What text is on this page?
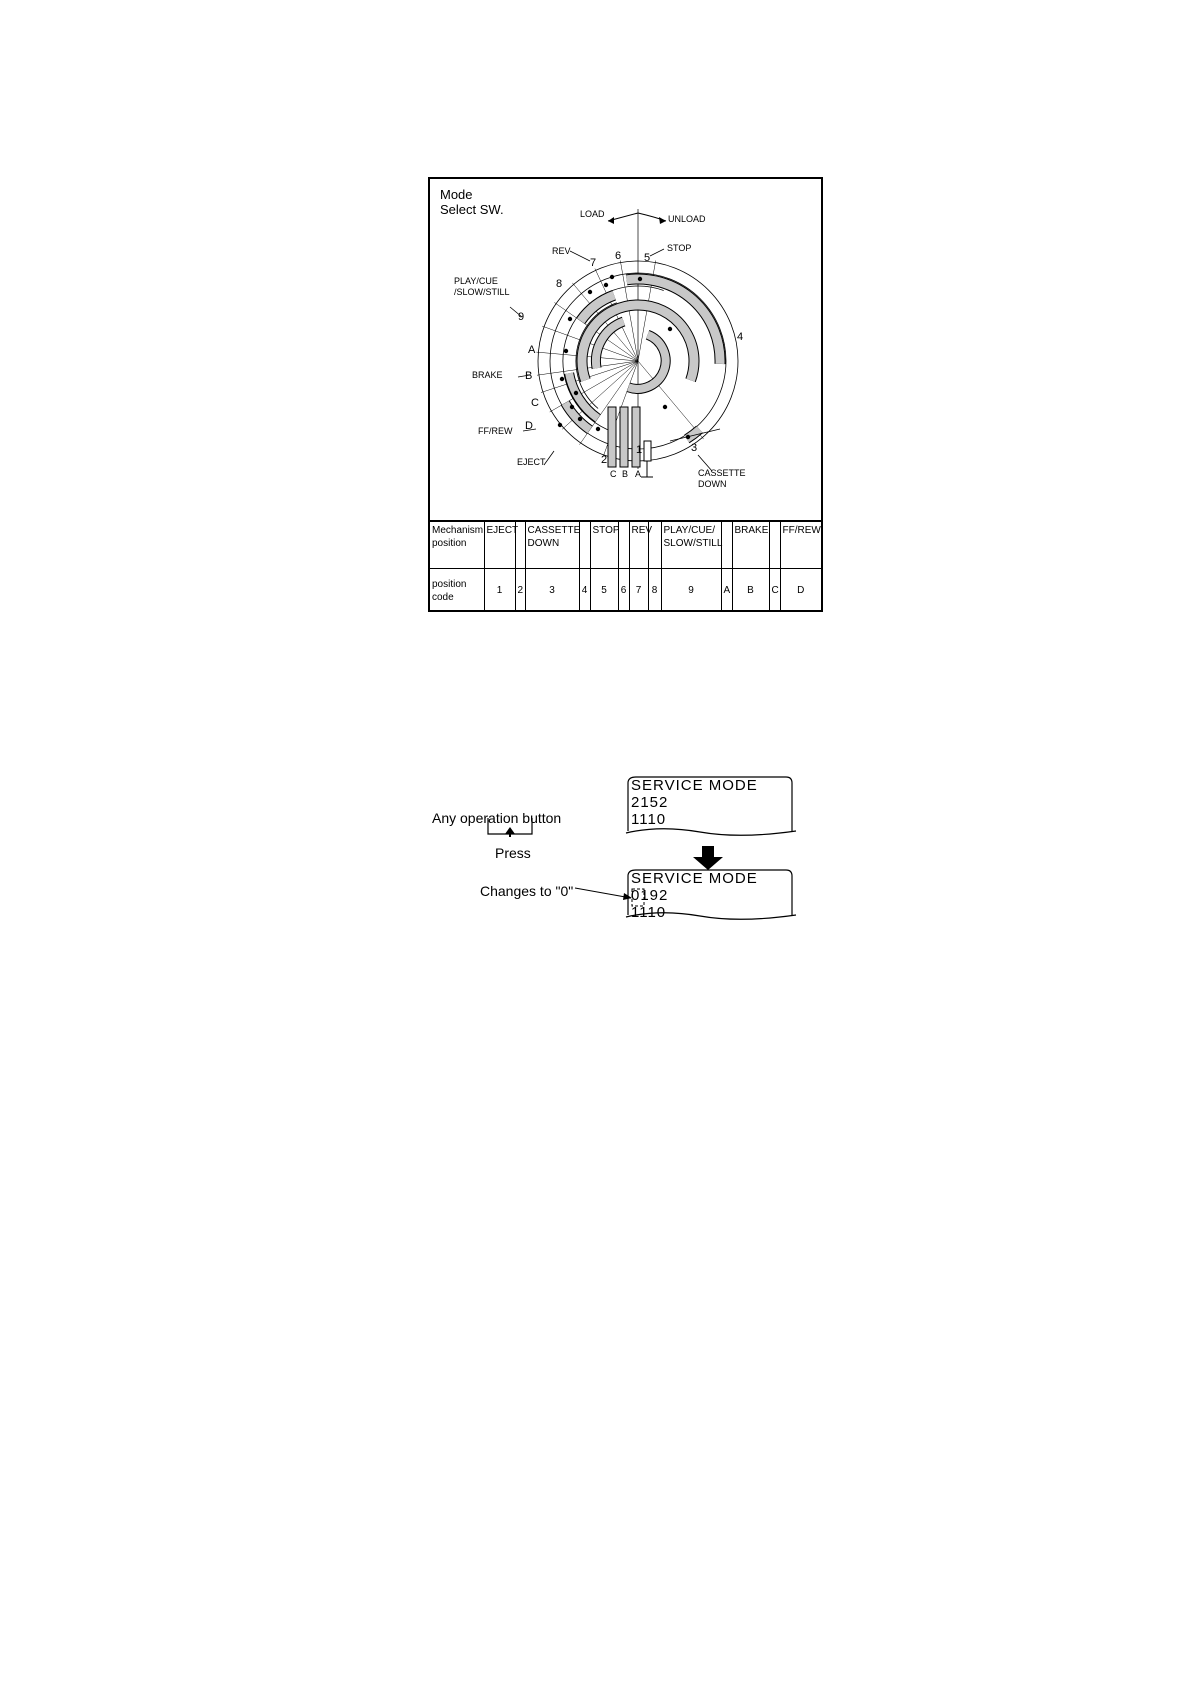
Mode
Select SW.	LOAD	UNLOAD
REV	STOP
PLAY/CUE
/SLOW/STILL
BRAKE
FF/REW
EJECT
CASSETTE
DOWN
1
2
3
4
5
6
7
8
9
A
B
C
D
C B A
Mechanism position	EJECT		CASSETTE DOWN		STOP		REV		PLAY/CUE/ SLOW/STILL		BRAKE		FF/REW
position code	1	2	3	4	5	6	7	8	9	A	B	C	D
Any operation button
Press
Changes to "0"
SERVICE MODE
2152
1110
SERVICE MODE
0192
1110
